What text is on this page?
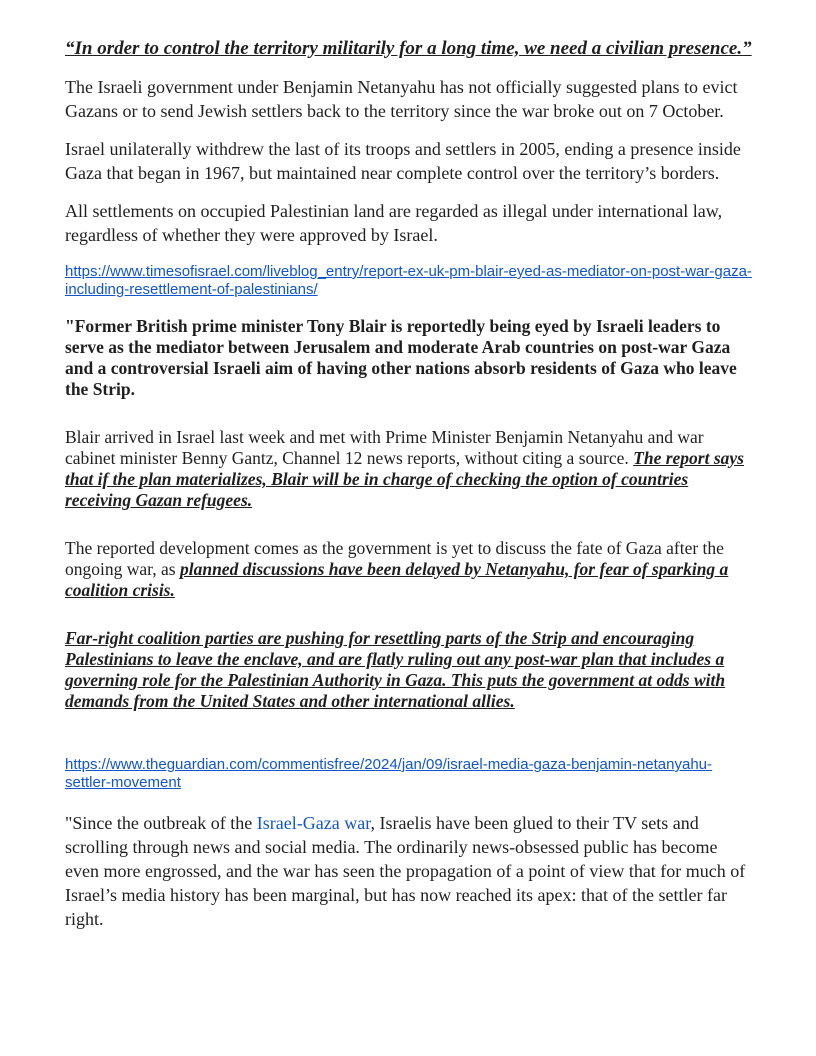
“In order to control the territory militarily for a long time, we need a civilian presence.”

The Israeli government under Benjamin Netanyahu has not officially suggested plans to evict Gazans or to send Jewish settlers back to the territory since the war broke out on 7 October.

Israel unilaterally withdrew the last of its troops and settlers in 2005, ending a presence inside Gaza that began in 1967, but maintained near complete control over the territory’s borders.

All settlements on occupied Palestinian land are regarded as illegal under international law, regardless of whether they were approved by Israel.

https://www.timesofisrael.com/liveblog_entry/report-ex-uk-pm-blair-eyed-as-mediator-on-post-war-gaza-including-resettlement-of-palestinians/

"Former British prime minister Tony Blair is reportedly being eyed by Israeli leaders to serve as the mediator between Jerusalem and moderate Arab countries on post-war Gaza and a controversial Israeli aim of having other nations absorb residents of Gaza who leave the Strip.

Blair arrived in Israel last week and met with Prime Minister Benjamin Netanyahu and war cabinet minister Benny Gantz, Channel 12 news reports, without citing a source. The report says that if the plan materializes, Blair will be in charge of checking the option of countries receiving Gazan refugees.

The reported development comes as the government is yet to discuss the fate of Gaza after the ongoing war, as planned discussions have been delayed by Netanyahu, for fear of sparking a coalition crisis.

Far-right coalition parties are pushing for resettling parts of the Strip and encouraging Palestinians to leave the enclave, and are flatly ruling out any post-war plan that includes a governing role for the Palestinian Authority in Gaza. This puts the government at odds with demands from the United States and other international allies.

https://www.theguardian.com/commentisfree/2024/jan/09/israel-media-gaza-benjamin-netanyahu-settler-movement

"Since the outbreak of the Israel-Gaza war, Israelis have been glued to their TV sets and scrolling through news and social media. The ordinarily news-obsessed public has become even more engrossed, and the war has seen the propagation of a point of view that for much of Israel’s media history has been marginal, but has now reached its apex: that of the settler far right.
